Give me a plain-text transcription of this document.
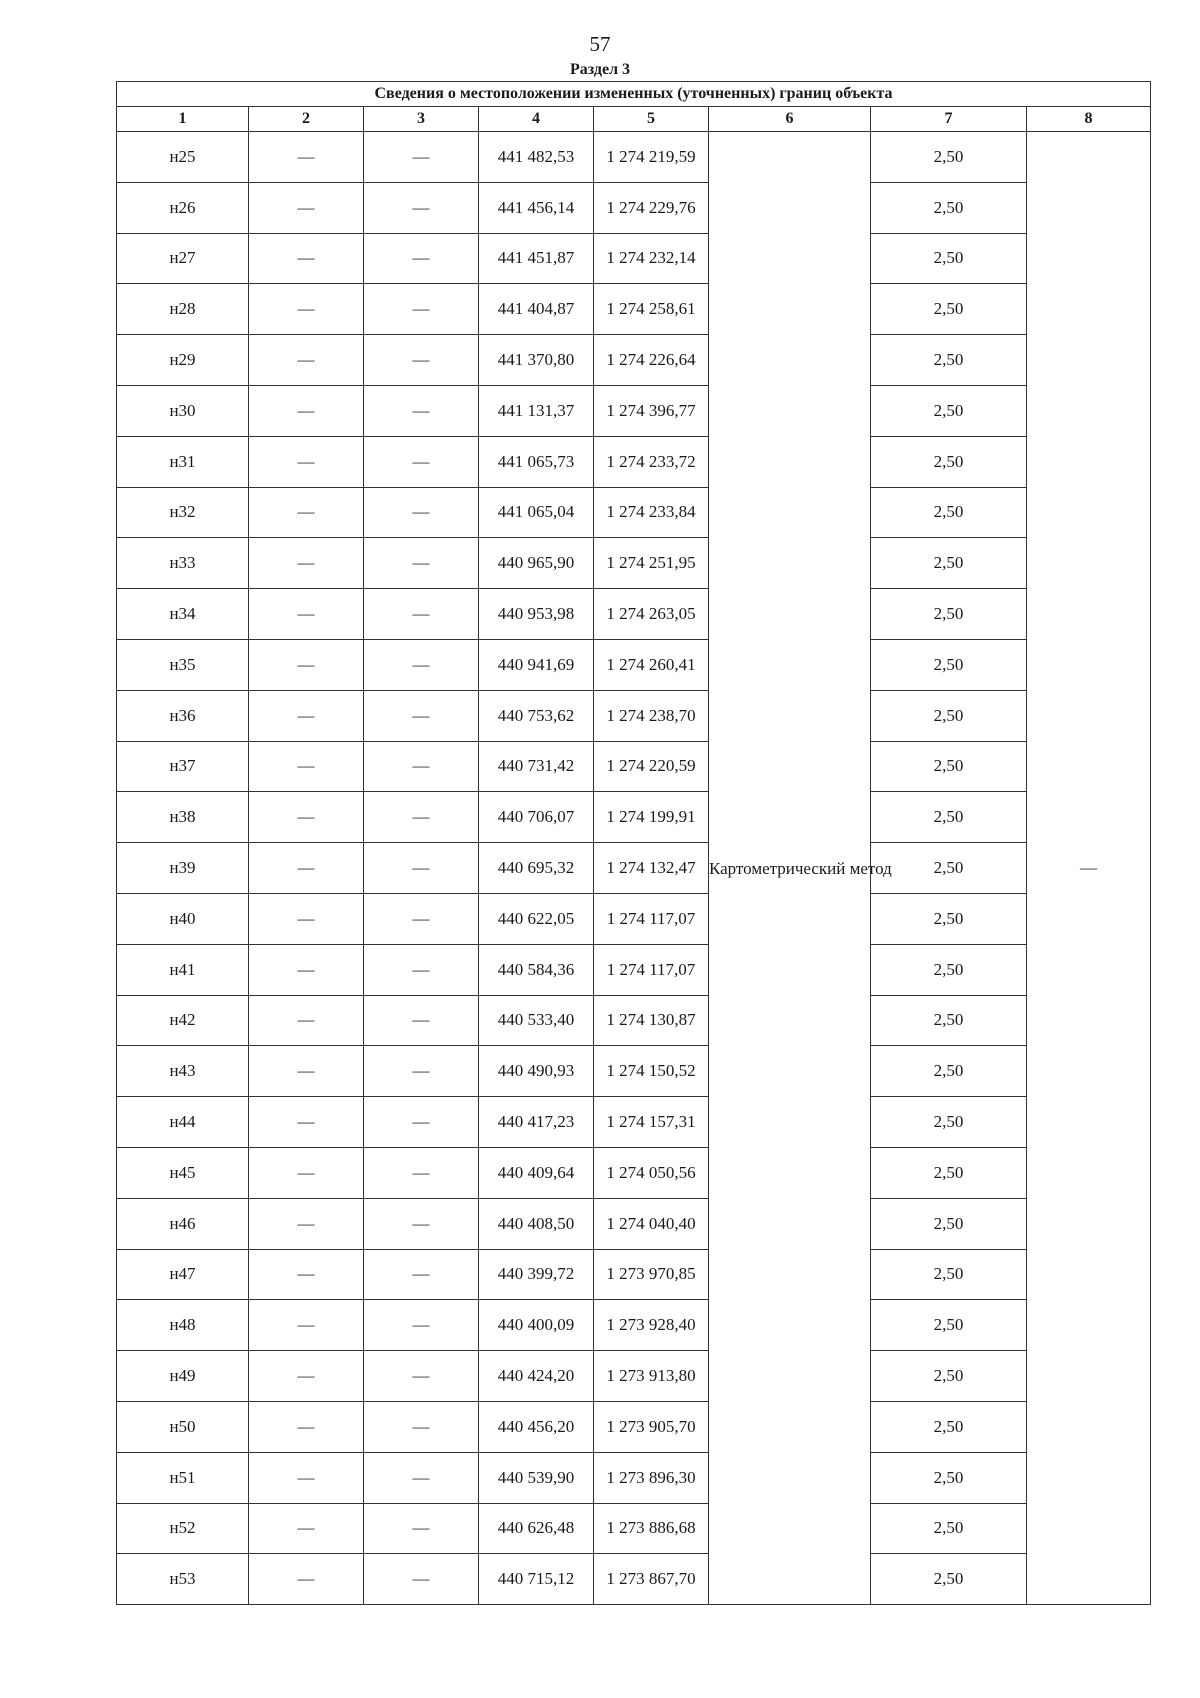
57
Раздел 3
Сведения о местоположении измененных (уточненных) границ объекта							
1	2	3	4	5	6	7	8
н25	—	—	441 482,53	1 274 219,59	Картометрический метод	2,50	—
н26	—	—	441 456,14	1 274 229,76		2,50	
н27	—	—	441 451,87	1 274 232,14		2,50	
н28	—	—	441 404,87	1 274 258,61		2,50	
н29	—	—	441 370,80	1 274 226,64		2,50	
н30	—	—	441 131,37	1 274 396,77		2,50	
н31	—	—	441 065,73	1 274 233,72		2,50	
н32	—	—	441 065,04	1 274 233,84		2,50	
н33	—	—	440 965,90	1 274 251,95		2,50	
н34	—	—	440 953,98	1 274 263,05		2,50	
н35	—	—	440 941,69	1 274 260,41		2,50	
н36	—	—	440 753,62	1 274 238,70		2,50	
н37	—	—	440 731,42	1 274 220,59		2,50	
н38	—	—	440 706,07	1 274 199,91		2,50	
н39	—	—	440 695,32	1 274 132,47		2,50	
н40	—	—	440 622,05	1 274 117,07		2,50	
н41	—	—	440 584,36	1 274 117,07		2,50	
н42	—	—	440 533,40	1 274 130,87		2,50	
н43	—	—	440 490,93	1 274 150,52		2,50	
н44	—	—	440 417,23	1 274 157,31		2,50	
н45	—	—	440 409,64	1 274 050,56		2,50	
н46	—	—	440 408,50	1 274 040,40		2,50	
н47	—	—	440 399,72	1 273 970,85		2,50	
н48	—	—	440 400,09	1 273 928,40		2,50	
н49	—	—	440 424,20	1 273 913,80		2,50	
н50	—	—	440 456,20	1 273 905,70		2,50	
н51	—	—	440 539,90	1 273 896,30		2,50	
н52	—	—	440 626,48	1 273 886,68		2,50	
н53	—	—	440 715,12	1 273 867,70		2,50	
